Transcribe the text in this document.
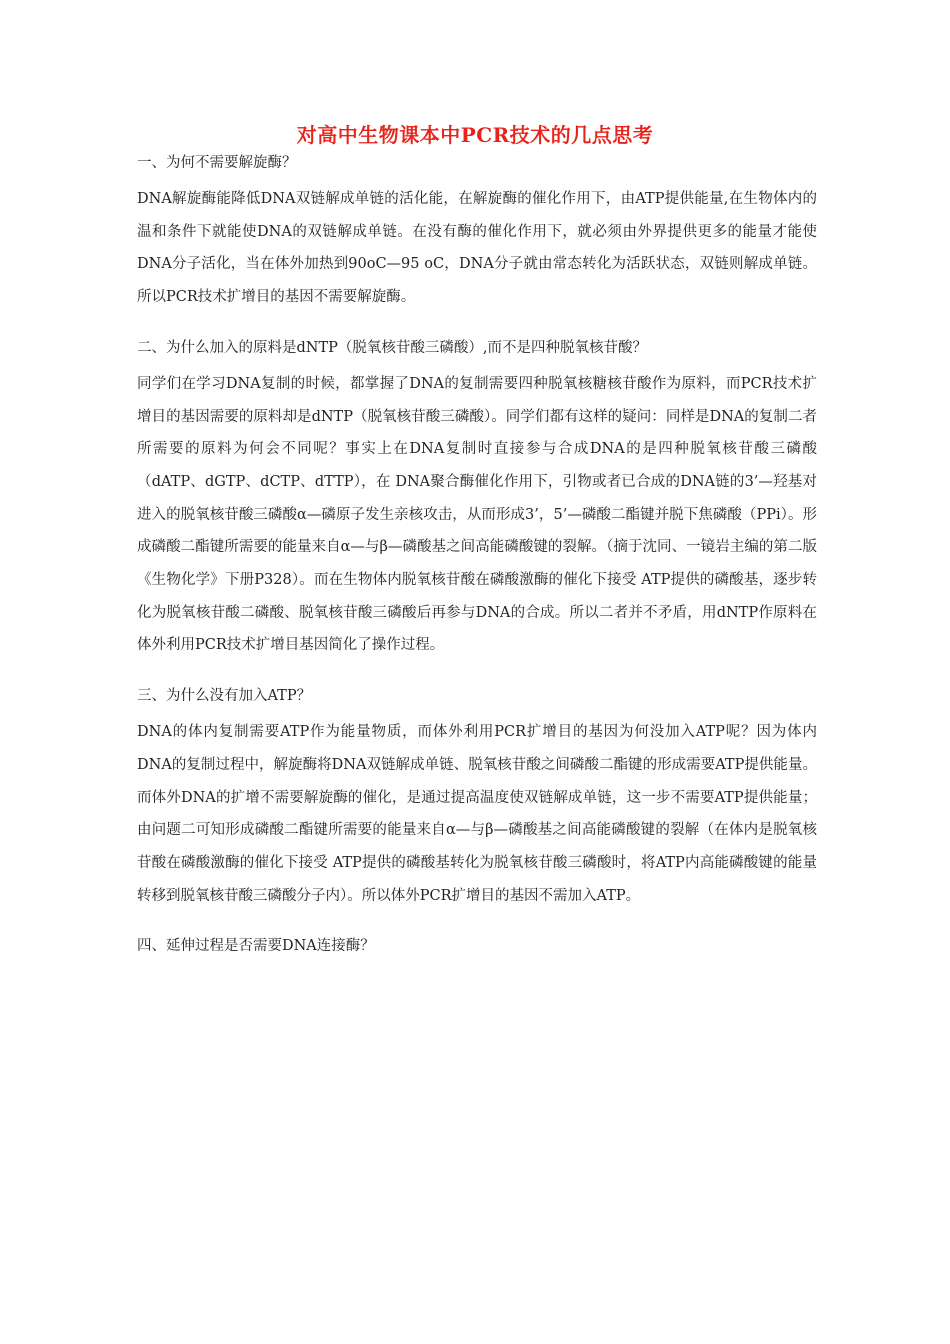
对高中生物课本中PCR技术的几点思考

一、为何不需要解旋酶？

DNA解旋酶能降低DNA双链解成单链的活化能，在解旋酶的催化作用下，由ATP提供能量,在生物体内的温和条件下就能使DNA的双链解成单链。在没有酶的催化作用下，就必须由外界提供更多的能量才能使DNA分子活化，当在体外加热到90oC—95 oC，DNA分子就由常态转化为活跃状态，双链则解成单链。所以PCR技术扩增目的基因不需要解旋酶。

二、为什么加入的原料是dNTP（脱氧核苷酸三磷酸）,而不是四种脱氧核苷酸？

同学们在学习DNA复制的时候，都掌握了DNA的复制需要四种脱氧核糖核苷酸作为原料，而PCR技术扩增目的基因需要的原料却是dNTP（脱氧核苷酸三磷酸）。同学们都有这样的疑问：同样是DNA的复制二者所需要的原料为何会不同呢？事实上在DNA复制时直接参与合成DNA的是四种脱氧核苷酸三磷酸（dATP、dGTP、dCTP、dTTP），在 DNA聚合酶催化作用下，引物或者已合成的DNA链的3’—羟基对进入的脱氧核苷酸三磷酸α—磷原子发生亲核攻击，从而形成3’，5’—磷酸二酯键并脱下焦磷酸（PPi）。形成磷酸二酯键所需要的能量来自α—与β—磷酸基之间高能磷酸键的裂解。（摘于沈同、一镜岩主编的第二版《生物化学》下册P328）。而在生物体内脱氧核苷酸在磷酸激酶的催化下接受 ATP提供的磷酸基，逐步转化为脱氧核苷酸二磷酸、脱氧核苷酸三磷酸后再参与DNA的合成。所以二者并不矛盾，用dNTP作原料在体外利用PCR技术扩增目基因简化了操作过程。

三、为什么没有加入ATP？

DNA的体内复制需要ATP作为能量物质，而体外利用PCR扩增目的基因为何没加入ATP呢？因为体内DNA的复制过程中，解旋酶将DNA双链解成单链、脱氧核苷酸之间磷酸二酯键的形成需要ATP提供能量。而体外DNA的扩增不需要解旋酶的催化，是通过提高温度使双链解成单链，这一步不需要ATP提供能量；由问题二可知形成磷酸二酯键所需要的能量来自α—与β—磷酸基之间高能磷酸键的裂解（在体内是脱氧核苷酸在磷酸激酶的催化下接受 ATP提供的磷酸基转化为脱氧核苷酸三磷酸时，将ATP内高能磷酸键的能量转移到脱氧核苷酸三磷酸分子内）。所以体外PCR扩增目的基因不需加入ATP。

四、延伸过程是否需要DNA连接酶？
